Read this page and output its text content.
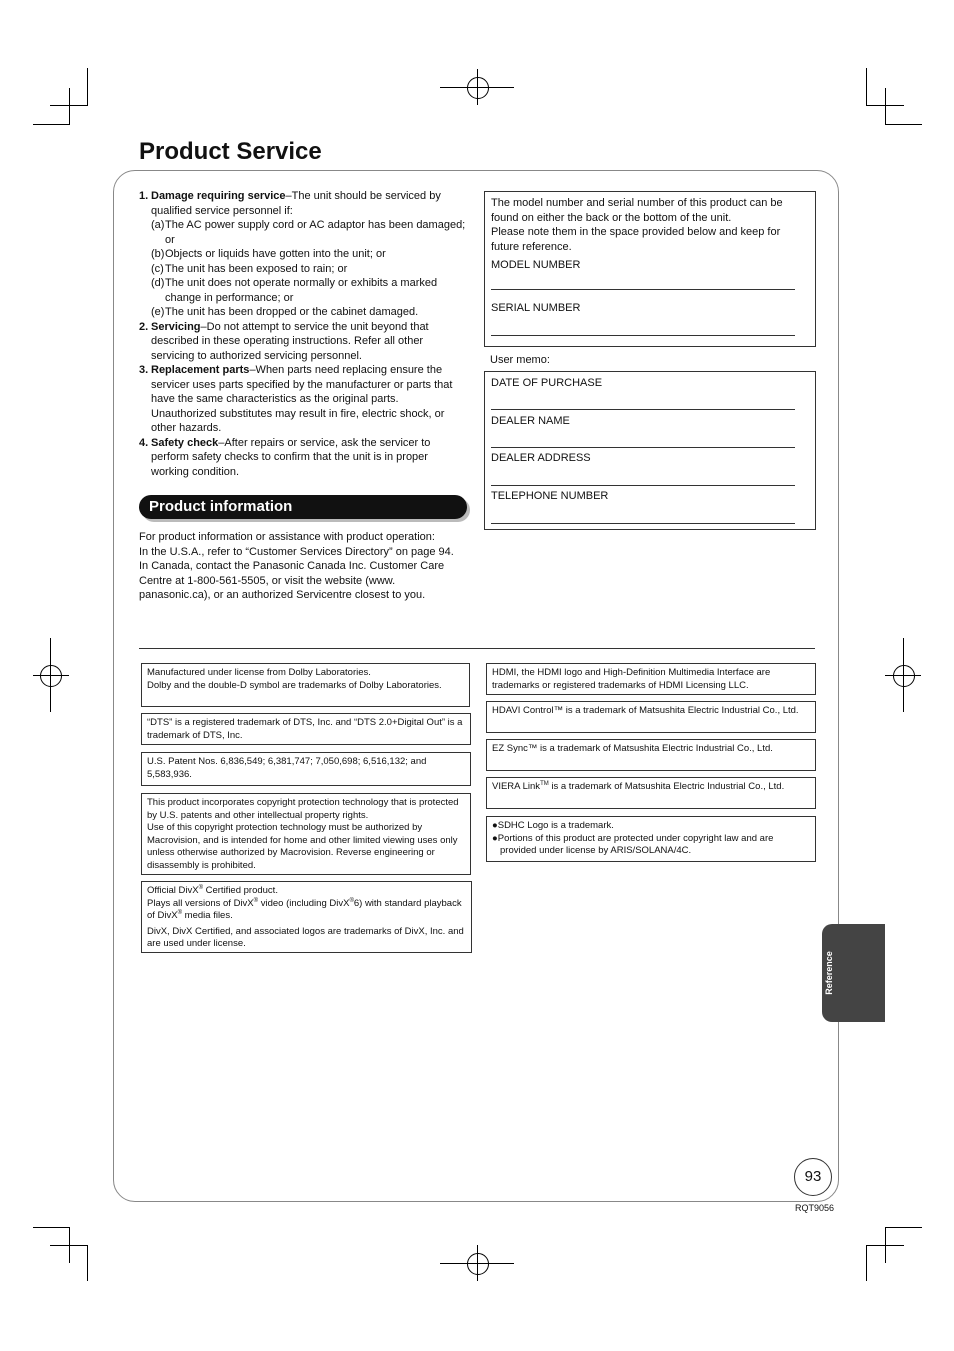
Product Service
1. Damage requiring service–The unit should be serviced by qualified service personnel if:
(a) The AC power supply cord or AC adaptor has been damaged; or
(b) Objects or liquids have gotten into the unit; or
(c) The unit has been exposed to rain; or
(d) The unit does not operate normally or exhibits a marked change in performance; or
(e) The unit has been dropped or the cabinet damaged.
2. Servicing–Do not attempt to service the unit beyond that described in these operating instructions. Refer all other servicing to authorized servicing personnel.
3. Replacement parts–When parts need replacing ensure the servicer uses parts specified by the manufacturer or parts that have the same characteristics as the original parts. Unauthorized substitutes may result in fire, electric shock, or other hazards.
4. Safety check–After repairs or service, ask the servicer to perform safety checks to confirm that the unit is in proper working condition.
Product information
For product information or assistance with product operation:
In the U.S.A., refer to “Customer Services Directory” on page 94.
In Canada, contact the Panasonic Canada Inc. Customer Care Centre at 1-800-561-5505, or visit the website (www. panasonic.ca), or an authorized Servicentre closest to you.
The model number and serial number of this product can be found on either the back or the bottom of the unit.
Please note them in the space provided below and keep for future reference.
MODEL NUMBER
SERIAL NUMBER
User memo:
DATE OF PURCHASE
DEALER NAME
DEALER ADDRESS
TELEPHONE NUMBER

Manufactured under license from Dolby Laboratories.

Dolby and the double-D symbol are trademarks of Dolby Laboratories.

“DTS” is a registered trademark of DTS, Inc. and “DTS 2.0+Digital Out” is a trademark of DTS, Inc.

U.S. Patent Nos. 6,836,549; 6,381,747; 7,050,698; 6,516,132; and 5,583,936.

This product incorporates copyright protection technology that is protected by U.S. patents and other intellectual property rights.

Use of this copyright protection technology must be authorized by Macrovision, and is intended for home and other limited viewing uses only unless otherwise authorized by Macrovision. Reverse engineering or disassembly is prohibited.

Official DivX® Certified product.

Plays all versions of DivX® video (including DivX®6) with standard playback of DivX® media files.

DivX, DivX Certified, and associated logos are trademarks of DivX, Inc. and are used under license.

HDMI, the HDMI logo and High-Definition Multimedia Interface are trademarks or registered trademarks of HDMI Licensing LLC.

HDAVI Control™ is a trademark of Matsushita Electric Industrial Co., Ltd.

EZ Sync™ is a trademark of Matsushita Electric Industrial Co., Ltd.

VIERA Link™ is a trademark of Matsushita Electric Industrial Co., Ltd.

●SDHC Logo is a trademark.

●Portions of this product are protected under copyright law and are provided under license by ARIS/SOLANA/4C.

Reference
93
RQT9056
